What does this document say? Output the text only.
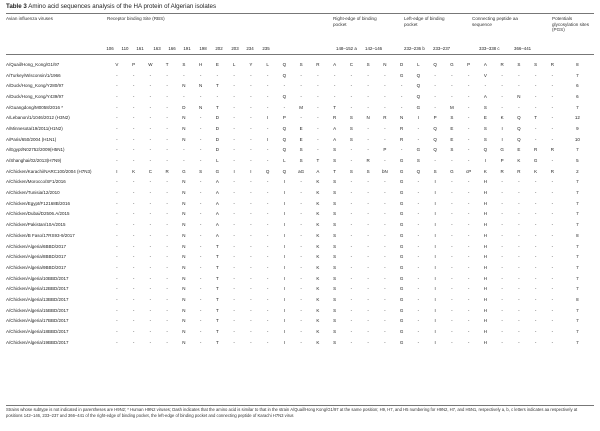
Table 3 Amino acid sequences analysis of the HA protein of Algerian isolates
Avian influenza viruses	Receptor binding Site (RBS)	Right-edge of binding pocket
Left-edge of binding pocket
Connecting peptide aa sequence
Potentials glycosylation sites (PGS)
106	110	161	163	166	191	198	202	203	234	235	148–152 a 142–146	232–236 b 233–237	333–338 c	366–441
A/Quail/Hong_Kong/G1/97	V	P	W	T	S	H	E	L	Y	L	Q	S	R	A	C	S	N	D	L	Q	G	P	A	R	S	S	R	8
A/Turkey/Wisconsin/1/1966	-	-	-	-	-	-	-	-	-	-	Q	-	-	-	-	-	-	G	Q	-	-	-	V	-	-	-	-	7
A/Duck/Hong_Kong/Y280/97	-	-	-	-	N	N	T	-	-	-	-	-	-	-	-	-	-	-	Q	-	-	-	-	-	-	-	-	6
A/Duck/Hong_Kong/Y439/97	-	-	-	-	-	-	-	-	-	-	Q	-	-	-	-	-	-	-	Q	-	-	-	A	-	N	-	-	6
A/Guangdong/M0058/2016 *	-	-	-	-	D	N	T	-	-	-	-	M	-	T	-	-	-	-	G	-	M	-	S	-	-	-	-	7
A/Lebanon/1/1046/2012 (H3N2)	-	-	-	-	N	-	D	-	-	I	P	-	-	R	S	N	R	N	I	P	S	-	E	K	Q	T	-	12
A/Minnesota/19/2011(H1N2)	-	-	-	-	N	-	D	-	-	-	Q	E	-	A	S	-	-	R	-	Q	E	-	S	I	Q	-	-	9
A/Paris/650/2004 (H1N1)	-	-	-	-	N	-	D	-	-	I	Q	E	-	A	S	-	-	R	-	Q	E	-	S	I	Q	-	-	10
A/Egypt/N02752/2009(H5N1)	-	-	-	-	-	-	D	-	-	-	Q	S	-	S	-	-	P	-	G	Q	S	-	Q	G	E	R	R	7
A/Shanghai/02/2013(H7N9)	-	-	-	-	-	-	L	-	-	-	L	S	T	S	-	R	-	G	S	-	-	-	I	P	K	G	-	5
A/Chicken/Karachi/NARC100/2004 (H7N3)	I	K	C	R	G	S	G	I	I	Q	Q	aG	A	T	S	S	bN	G	Q	S	G	cP	K	R	R	K	R	2
A/Chicken/Morocco/SF1/2016	-	-	-	-	N	-	A	-	-	-	I	-	K	S	-	-	-	G	-	I	-	-	H	-	-	-	-	7
A/Chicken/Tunisia/12/2010	-	-	-	-	N	-	A	-	-	-	I	-	K	S	-	-	-	G	-	I	-	-	H	-	-	-	-	7
A/Chicken/Egypt/F12168B/2016	-	-	-	-	N	-	A	-	-	-	I	-	K	S	-	-	-	G	-	I	-	-	H	-	-	-	-	7
A/Chicken/Dubai/D2506.A/2015	-	-	-	-	N	-	A	-	-	-	I	-	K	S	-	-	-	G	-	I	-	-	H	-	-	-	-	7
A/Chicken/Pakistan/10A/2015	-	-	-	-	N	-	A	-	-	-	I	-	K	S	-	-	-	G	-	I	-	-	H	-	-	-	-	7
A/Chicken/B Faso/17RS93-9/2017	-	-	-	-	N	-	A	-	-	-	I	-	K	S	-	-	-	G	-	I	-	-	H	-	-	-	-	8
A/Chicken/Algeria/6BBD/2017	-	-	-	-	N	-	T	-	-	-	I	-	K	S	-	-	-	G	-	I	-	-	H	-	-	-	-	7
A/Chicken/Algeria/8BBD/2017	-	-	-	-	N	-	T	-	-	-	I	-	K	S	-	-	-	G	-	I	-	-	H	-	-	-	-	7
A/Chicken/Algeria/9BBD/2017	-	-	-	-	N	-	T	-	-	-	I	-	K	S	-	-	-	G	-	I	-	-	H	-	-	-	-	7
A/Chicken/Algeria/10BBD/2017	-	-	-	-	N	-	T	-	-	-	I	-	K	S	-	-	-	G	-	I	-	-	H	-	-	-	-	7
A/Chicken/Algeria/12BBD/2017	-	-	-	-	N	-	T	-	-	-	I	-	K	S	-	-	-	G	-	I	-	-	H	-	-	-	-	7
A/Chicken/Algeria/13BBD/2017	-	-	-	-	N	-	T	-	-	-	I	-	K	S	-	-	-	G	-	I	-	-	H	-	-	-	-	8
A/Chicken/Algeria/15BBD/2017	-	-	-	-	N	-	T	-	-	-	I	-	K	S	-	-	-	G	-	I	-	-	H	-	-	-	-	7
A/Chicken/Algeria/17BBD/2017	-	-	-	-	N	-	T	-	-	-	I	-	K	S	-	-	-	G	-	I	-	-	H	-	-	-	-	7
A/Chicken/Algeria/18BBD/2017	-	-	-	-	N	-	T	-	-	-	I	-	K	S	-	-	-	G	-	I	-	-	H	-	-	-	-	7
A/Chicken/Algeria/19BBD/2017	-	-	-	-	N	-	T	-	-	-	I	-	K	S	-	-	-	G	-	I	-	-	H	-	-	-	-	7
Strains whose subtype is not indicated in parentheses are H9N2; * Human H9N2 viruses; Dash indicates that the amino acid is similar to that in the strain A/Quail/Hong Kong/G1/97 at the same position; H9, H7, and H5 numbering for H9N2, H7, and H5N1, respectively a, b, c letters indicates aa respectively at positions 142–146, 233–237 and 366–441 of the right-edge of binding pocket, the left-edge of binding pocket and connecting peptide of Karachi H7N3 virus
